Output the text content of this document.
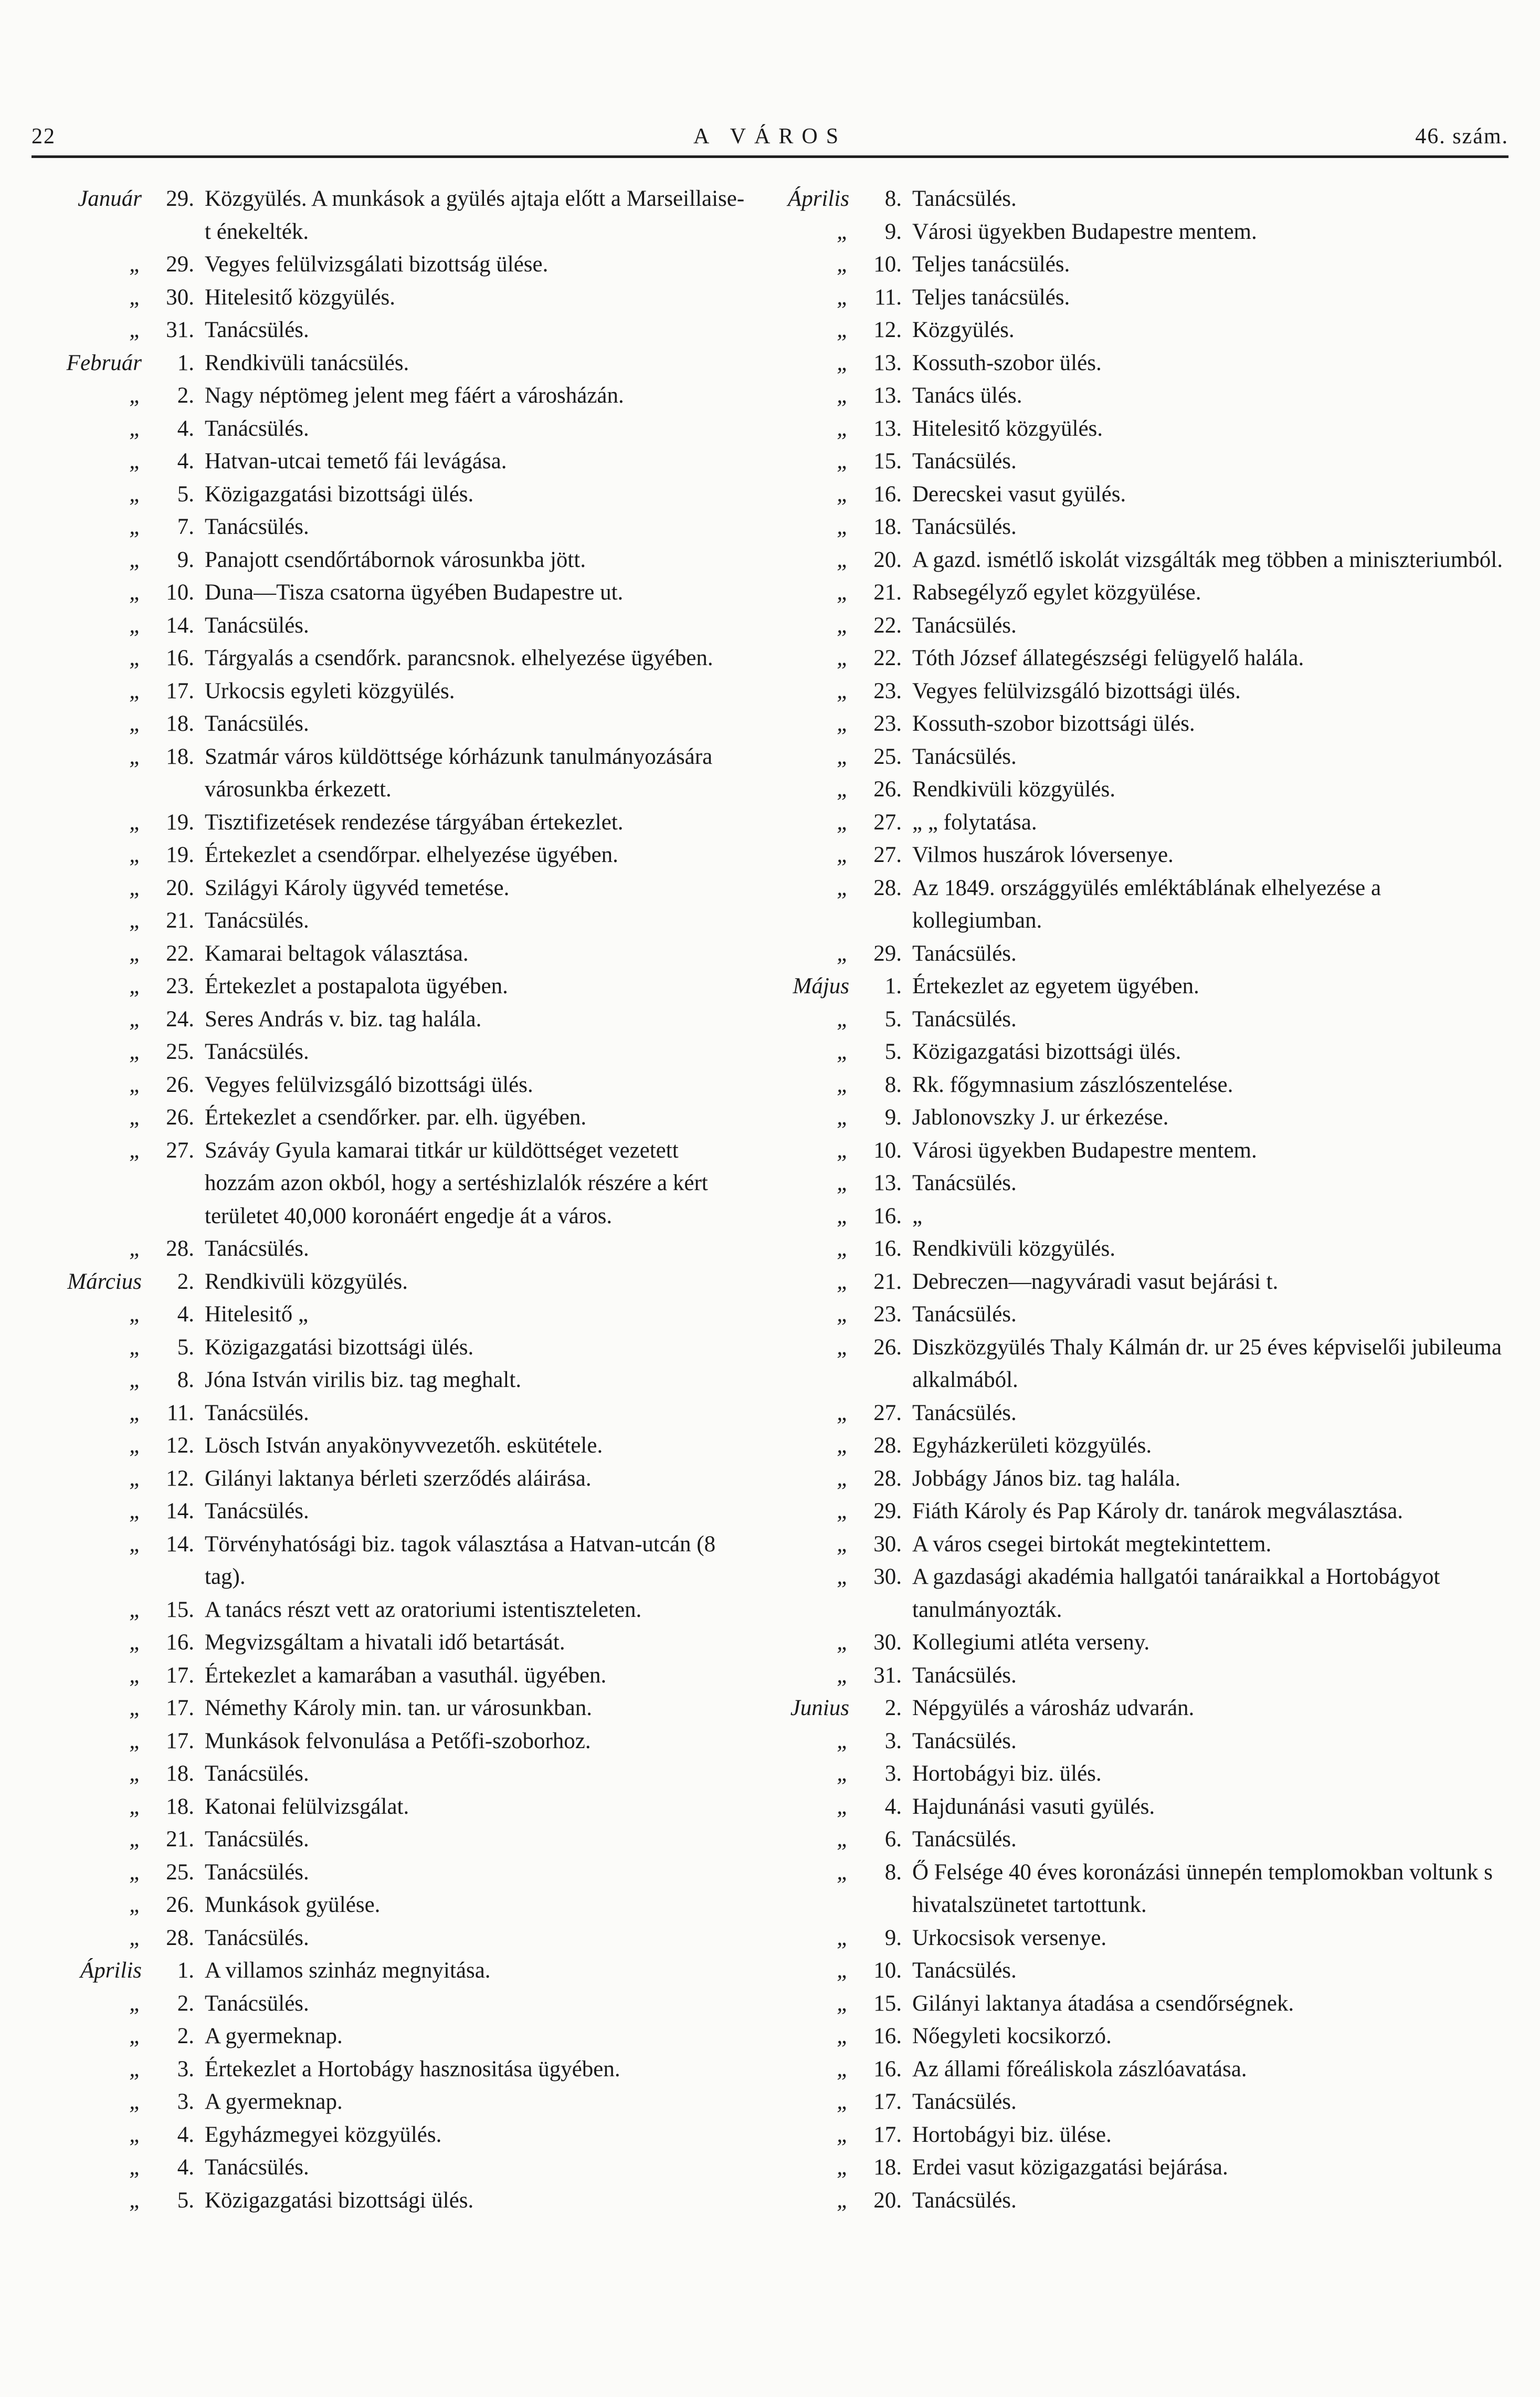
22	A VÁROS	46. szám.
Január	29. Közgyülés. A munkások a gyülés ajtaja előtt a Marseillaise-t énekelték.
„	29. Vegyes felülvizsgálati bizottság ülése.
„	30. Hitelesitő közgyülés.
„	31. Tanácsülés.
Február	1. Rendkivüli tanácsülés.
„	2. Nagy néptömeg jelent meg fáért a városházán.
„	4. Tanácsülés.
„	4. Hatvan-utcai temető fái levágása.
„	5. Közigazgatási bizottsági ülés.
„	7. Tanácsülés.
„	9. Panajott csendőrtábornok városunkba jött.
„	10. Duna—Tisza csatorna ügyében Budapestre ut.
„	14. Tanácsülés.
„	16. Tárgyalás a csendőrk. parancsnok. elhelyezése ügyében.
„	17. Urkocsis egyleti közgyülés.
„	18. Tanácsülés.
„	18. Szatmár város küldöttsége kórházunk tanulmányozására városunkba érkezett.
„	19. Tisztifizetések rendezése tárgyában értekezlet.
„	19. Értekezlet a csendőrpar. elhelyezése ügyében.
„	20. Szilágyi Károly ügyvéd temetése.
„	21. Tanácsülés.
„	22. Kamarai beltagok választása.
„	23. Értekezlet a postapalota ügyében.
„	24. Seres András v. biz. tag halála.
„	25. Tanácsülés.
„	26. Vegyes felülvizsgáló bizottsági ülés.
„	26. Értekezlet a csendőrker. par. elh. ügyében.
„	27. Száváy Gyula kamarai titkár ur küldöttséget vezetett hozzám azon okból, hogy a sertéshizlalók részére a kért területet 40,000 koronáért engedje át a város.
„	28. Tanácsülés.
Március	2. Rendkivüli közgyülés.
„	4. Hitelesitő „
„	5. Közigazgatási bizottsági ülés.
„	8. Jóna István virilis biz. tag meghalt.
„	11. Tanácsülés.
„	12. Lösch István anyakönyvvezetőh. eskütétele.
„	12. Gilányi laktanya bérleti szerződés aláirása.
„	14. Tanácsülés.
„	14. Törvényhatósági biz. tagok választása a Hatvan-utcán (8 tag).
„	15. A tanács részt vett az oratoriumi istentiszteleten.
„	16. Megvizsgáltam a hivatali idő betartását.
„	17. Értekezlet a kamarában a vasuthál. ügyében.
„	17. Némethy Károly min. tan. ur városunkban.
„	17. Munkások felvonulása a Petőfi-szoborhoz.
„	18. Tanácsülés.
„	18. Katonai felülvizsgálat.
„	21. Tanácsülés.
„	25. Tanácsülés.
„	26. Munkások gyülése.
„	28. Tanácsülés.
Április	1. A villamos szinház megnyitása.
„	2. Tanácsülés.
„	2. A gyermeknap.
„	3. Értekezlet a Hortobágy hasznositása ügyében.
„	3. A gyermeknap.
„	4. Egyházmegyei közgyülés.
„	4. Tanácsülés.
„	5. Közigazgatási bizottsági ülés.
Április	8. Tanácsülés.
„	9. Városi ügyekben Budapestre mentem.
„	10. Teljes tanácsülés.
„	11. Teljes tanácsülés.
„	12. Közgyülés.
„	13. Kossuth-szobor ülés.
„	13. Tanács ülés.
„	13. Hitelesitő közgyülés.
„	15. Tanácsülés.
„	16. Derecskei vasut gyülés.
„	18. Tanácsülés.
„	20. A gazd. ismétlő iskolát vizsgálták meg többen a miniszteriumból.
„	21. Rabsegélyző egylet közgyülése.
„	22. Tanácsülés.
„	22. Tóth József állategészségi felügyelő halála.
„	23. Vegyes felülvizsgáló bizottsági ülés.
„	23. Kossuth-szobor bizottsági ülés.
„	25. Tanácsülés.
„	26. Rendkivüli közgyülés.
„	27. „ „ folytatása.
„	27. Vilmos huszárok lóversenye.
„	28. Az 1849. országgyülés emléktáblának elhelyezése a kollegiumban.
„	29. Tanácsülés.
Május	1. Értekezlet az egyetem ügyében.
„	5. Tanácsülés.
„	5. Közigazgatási bizottsági ülés.
„	8. Rk. főgymnasium zászlószentelése.
„	9. Jablonovszky J. ur érkezése.
„	10. Városi ügyekben Budapestre mentem.
„	13. Tanácsülés.
„	16. „
„	16. Rendkivüli közgyülés.
„	21. Debreczen—nagyváradi vasut bejárási t.
„	23. Tanácsülés.
„	26. Diszközgyülés Thaly Kálmán dr. ur 25 éves képviselői jubileuma alkalmából.
„	27. Tanácsülés.
„	28. Egyházkerületi közgyülés.
„	28. Jobbágy János biz. tag halála.
„	29. Fiáth Károly és Pap Károly dr. tanárok megválasztása.
„	30. A város csegei birtokát megtekintettem.
„	30. A gazdasági akadémia hallgatói tanáraikkal a Hortobágyot tanulmányozták.
„	30. Kollegiumi atléta verseny.
„	31. Tanácsülés.
Junius	2. Népgyülés a városház udvarán.
„	3. Tanácsülés.
„	3. Hortobágyi biz. ülés.
„	4. Hajdunánási vasuti gyülés.
„	6. Tanácsülés.
„	8. Ő Felsége 40 éves koronázási ünnepén templomokban voltunk s hivatalszünetet tartottunk.
„	9. Urkocsisok versenye.
„	10. Tanácsülés.
„	15. Gilányi laktanya átadása a csendőrségnek.
„	16. Nőegyleti kocsikorzó.
„	16. Az állami főreáliskola zászlóavatása.
„	17. Tanácsülés.
„	17. Hortobágyi biz. ülése.
„	18. Erdei vasut közigazgatási bejárása.
„	20. Tanácsülés.
